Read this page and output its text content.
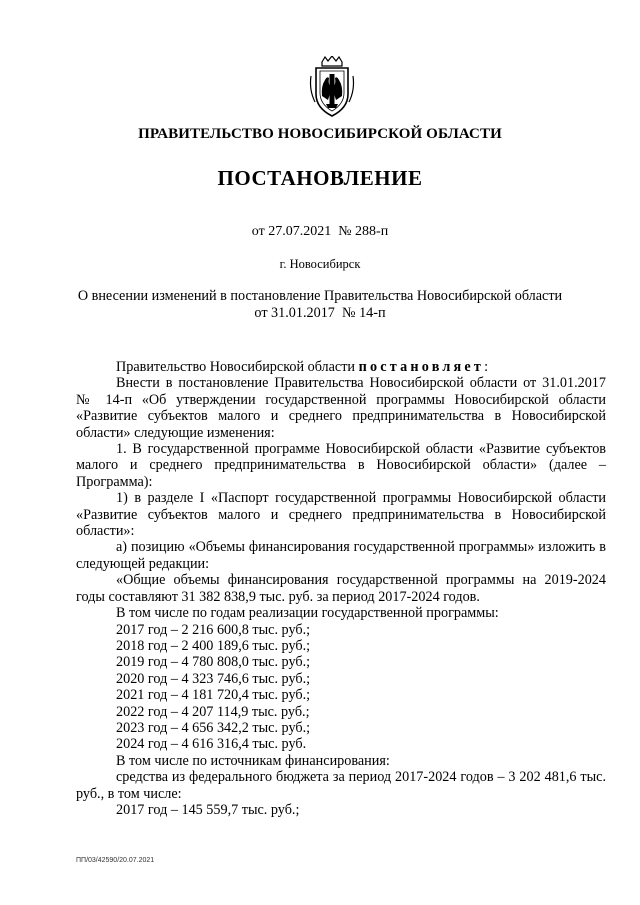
ПРАВИТЕЛЬСТВО НОВОСИБИРСКОЙ ОБЛАСТИ
ПОСТАНОВЛЕНИЕ
от 27.07.2021  № 288-п
г. Новосибирск
О внесении изменений в постановление Правительства Новосибирской области
от 31.01.2017  № 14-п

Правительство Новосибирской области постановляет:

Внести в постановление Правительства Новосибирской области от 31.01.2017 № 14-п «Об утверждении государственной программы Новосибирской области «Развитие субъектов малого и среднего предпринимательства в Новосибирской области» следующие изменения:

1. В государственной программе Новосибирской области «Развитие субъектов малого и среднего предпринимательства в Новосибирской области» (далее – Программа):

1) в разделе I «Паспорт государственной программы Новосибирской области «Развитие субъектов малого и среднего предпринимательства в Новосибирской области»:

а) позицию «Объемы финансирования государственной программы» изложить в следующей редакции:

«Общие объемы финансирования государственной программы на 2019-2024 годы составляют 31 382 838,9 тыс. руб. за период 2017-2024 годов.

В том числе по годам реализации государственной программы:

2017 год – 2 216 600,8 тыс. руб.;

2018 год – 2 400 189,6 тыс. руб.;

2019 год – 4 780 808,0 тыс. руб.;

2020 год – 4 323 746,6 тыс. руб.;

2021 год – 4 181 720,4 тыс. руб.;

2022 год – 4 207 114,9 тыс. руб.;

2023 год – 4 656 342,2 тыс. руб.;

2024 год – 4 616 316,4 тыс. руб.

В том числе по источникам финансирования:

средства из федерального бюджета за период 2017-2024 годов – 3 202 481,6 тыс. руб., в том числе:

2017 год – 145 559,7 тыс. руб.;

ПП/03/42590/20.07.2021
